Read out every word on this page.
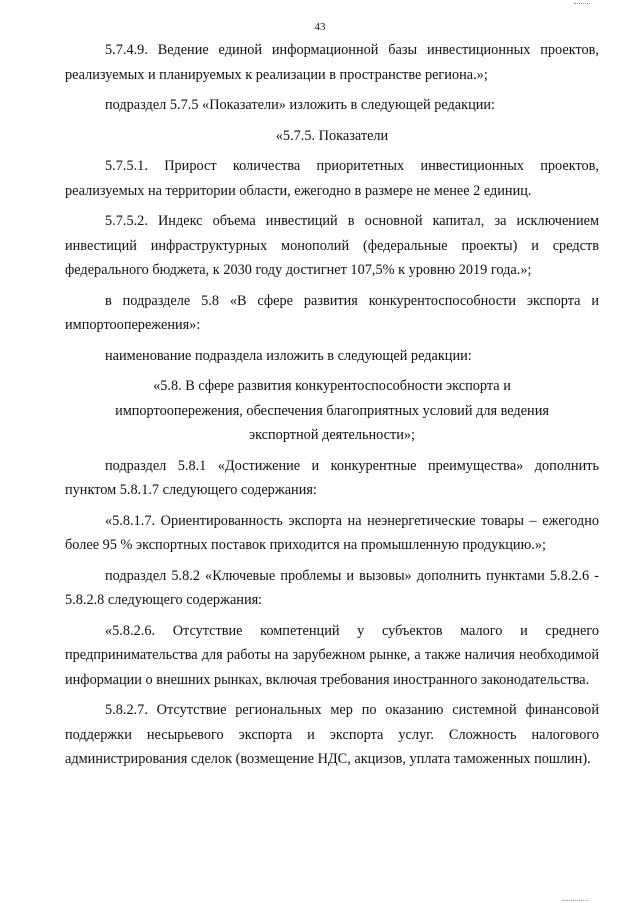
43

5.7.4.9. Ведение единой информационной базы инвестиционных проектов, реализуемых и планируемых к реализации в пространстве региона.»;

подраздел 5.7.5 «Показатели» изложить в следующей редакции:

«5.7.5. Показатели

5.7.5.1. Прирост количества приоритетных инвестиционных проектов, реализуемых на территории области, ежегодно в размере не менее 2 единиц.

5.7.5.2. Индекс объема инвестиций в основной капитал, за исключением инвестиций инфраструктурных монополий (федеральные проекты) и средств федерального бюджета, к 2030 году достигнет 107,5% к уровню 2019 года.»;

в подразделе 5.8 «В сфере развития конкурентоспособности экспорта и импортоопережения»:

наименование подраздела изложить в следующей редакции:

«5.8. В сфере развития конкурентоспособности экспорта и
импортоопережения, обеспечения благоприятных условий для ведения
экспортной деятельности»;

подраздел 5.8.1 «Достижение и конкурентные преимущества» дополнить пунктом 5.8.1.7 следующего содержания:

«5.8.1.7. Ориентированность экспорта на неэнергетические товары – ежегодно более 95 % экспортных поставок приходится на промышленную продукцию.»;

подраздел 5.8.2 «Ключевые проблемы и вызовы» дополнить пунктами 5.8.2.6 - 5.8.2.8 следующего содержания:

«5.8.2.6. Отсутствие компетенций у субъектов малого и среднего предпринимательства для работы на зарубежном рынке, а также наличия необходимой информации о внешних рынках, включая требования иностранного законодательства.

5.8.2.7. Отсутствие региональных мер по оказанию системной финансовой поддержки несырьевого экспорта и экспорта услуг. Сложность налогового администрирования сделок (возмещение НДС, акцизов, уплата таможенных пошлин).
